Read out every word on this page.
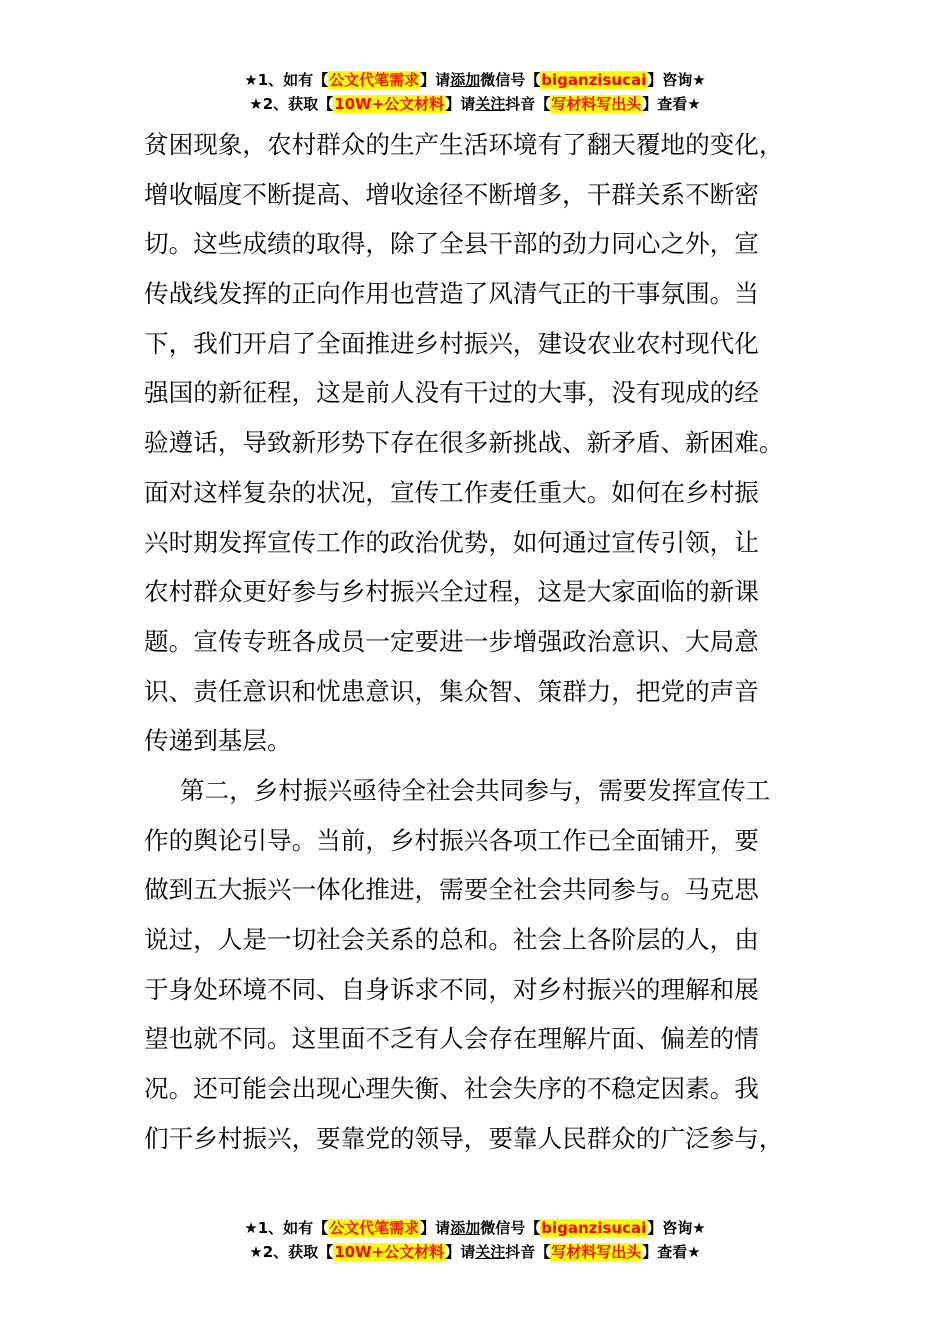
★1、如有【公文代笔需求】请添加微信号【biganzisucai】咨询★
★2、获取【10W+公文材料】请关注抖音【写材料写出头】查看★
贫困现象，农村群众的生产生活环境有了翻天覆地的变化，
增收幅度不断提高、增收途径不断增多，干群关系不断密
切。这些成绩的取得，除了全县干部的劲力同心之外，宣
传战线发挥的正向作用也营造了风清气正的干事氛围。当
下，我们开启了全面推进乡村振兴，建设农业农村现代化
强国的新征程，这是前人没有干过的大事，没有现成的经
验遵话，导致新形势下存在很多新挑战、新矛盾、新困难。
面对这样复杂的状况，宣传工作麦任重大。如何在乡村振
兴时期发挥宣传工作的政治优势，如何通过宣传引领，让
农村群众更好参与乡村振兴全过程，这是大家面临的新课
题。宣传专班各成员一定要进一步增强政治意识、大局意
识、责任意识和忧患意识，集众智、策群力，把党的声音
传递到基层。
第二，乡村振兴亟待全社会共同参与，需要发挥宣传工
作的舆论引导。当前，乡村振兴各项工作已全面铺开，要
做到五大振兴一体化推进，需要全社会共同参与。马克思
说过，人是一切社会关系的总和。社会上各阶层的人，由
于身处环境不同、自身诉求不同，对乡村振兴的理解和展
望也就不同。这里面不乏有人会存在理解片面、偏差的情
况。还可能会出现心理失衡、社会失序的不稳定因素。我
们干乡村振兴，要靠党的领导，要靠人民群众的广泛参与，
★1、如有【公文代笔需求】请添加微信号【biganzisucai】咨询★
★2、获取【10W+公文材料】请关注抖音【写材料写出头】查看★
